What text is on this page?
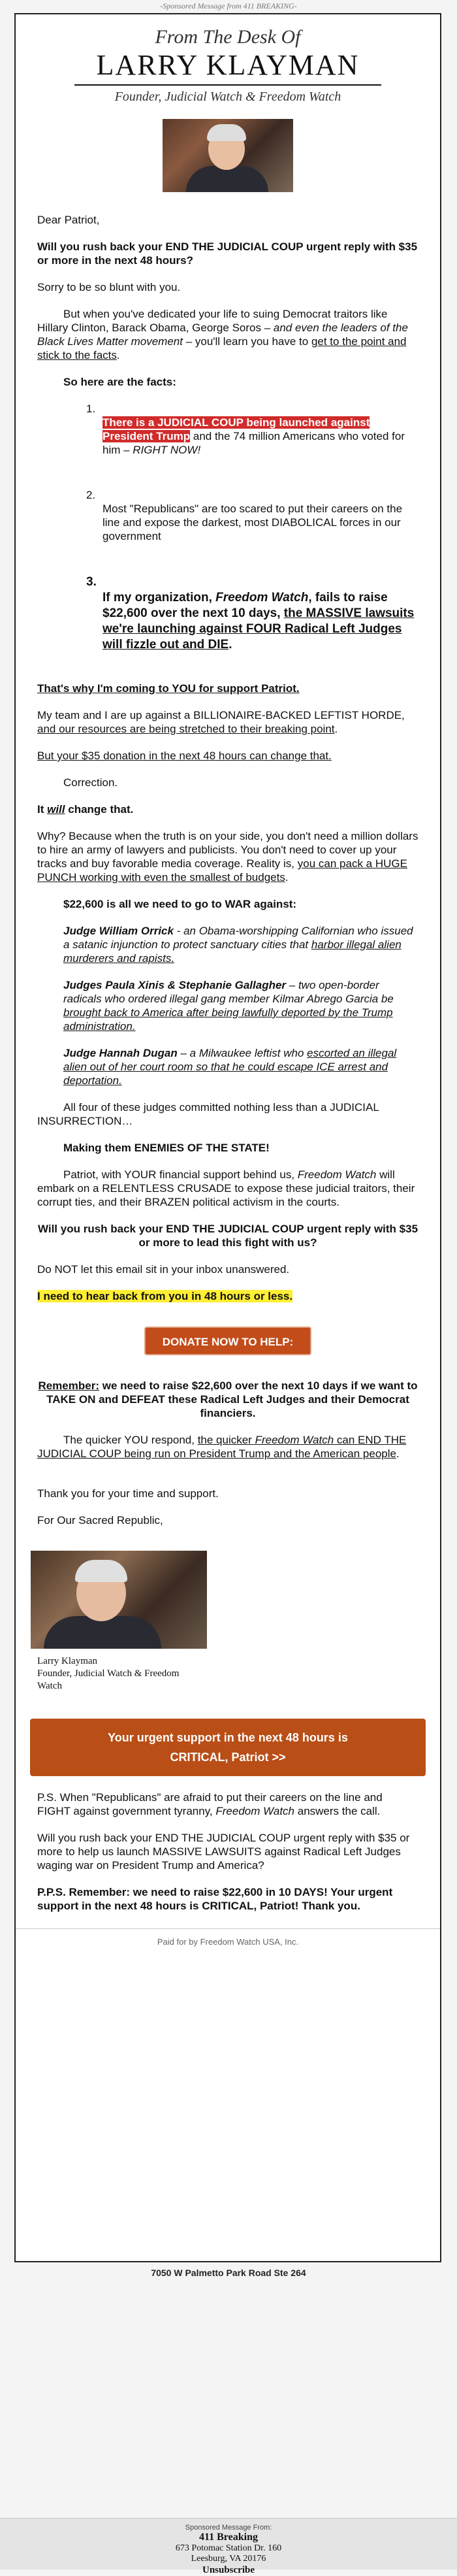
-Sponsored Message from 411 BREAKING-
From The Desk Of
LARRY KLAYMAN
Founder, Judicial Watch & Freedom Watch

Dear Patriot,

Will you rush back your END THE JUDICIAL COUP urgent reply with $35 or more in the next 48 hours?

Sorry to be so blunt with you.

But when you've dedicated your life to suing Democrat traitors like Hillary Clinton, Barack Obama, George Soros – and even the leaders of the Black Lives Matter movement – you'll learn you have to get to the point and stick to the facts.

So here are the facts:

1.

There is a JUDICIAL COUP being launched against President Trump and the 74 million Americans who voted for him – RIGHT NOW!

2.

Most "Republicans" are too scared to put their careers on the line and expose the darkest, most DIABOLICAL forces in our government

3.

If my organization, Freedom Watch, fails to raise $22,600 over the next 10 days, the MASSIVE lawsuits we're launching against FOUR Radical Left Judges will fizzle out and DIE.

That's why I'm coming to YOU for support Patriot.

My team and I are up against a BILLIONAIRE-BACKED LEFTIST HORDE, and our resources are being stretched to their breaking point.

But your $35 donation in the next 48 hours can change that.

Correction.

It will change that.

Why? Because when the truth is on your side, you don't need a million dollars to hire an army of lawyers and publicists. You don't need to cover up your tracks and buy favorable media coverage. Reality is, you can pack a HUGE PUNCH working with even the smallest of budgets.

$22,600 is all we need to go to WAR against:

Judge William Orrick - an Obama-worshipping Californian who issued a satanic injunction to protect sanctuary cities that harbor illegal alien murderers and rapists.

Judges Paula Xinis & Stephanie Gallagher – two open-border radicals who ordered illegal gang member Kilmar Abrego Garcia be brought back to America after being lawfully deported by the Trump administration.

Judge Hannah Dugan – a Milwaukee leftist who escorted an illegal alien out of her court room so that he could escape ICE arrest and deportation.

All four of these judges committed nothing less than a JUDICIAL INSURRECTION…

Making them ENEMIES OF THE STATE!

Patriot, with YOUR financial support behind us, Freedom Watch will embark on a RELENTLESS CRUSADE to expose these judicial traitors, their corrupt ties, and their BRAZEN political activism in the courts.

Will you rush back your END THE JUDICIAL COUP urgent reply with $35 or more to lead this fight with us?

Do NOT let this email sit in your inbox unanswered.

I need to hear back from you in 48 hours or less.

DONATE NOW TO HELP:

Remember: we need to raise $22,600 over the next 10 days if we want to TAKE ON and DEFEAT these Radical Left Judges and their Democrat financiers.

The quicker YOU respond, the quicker Freedom Watch can END THE JUDICIAL COUP being run on President Trump and the American people.

Thank you for your time and support.

For Our Sacred Republic,

Larry Klayman
Founder, Judicial Watch & Freedom Watch
Your urgent support in the next 48 hours is
CRITICAL, Patriot >>

P.S. When "Republicans" are afraid to put their careers on the line and FIGHT against government tyranny, Freedom Watch answers the call.

Will you rush back your END THE JUDICIAL COUP urgent reply with $35 or more to help us launch MASSIVE LAWSUITS against Radical Left Judges waging war on President Trump and America?

P.P.S. Remember: we need to raise $22,600 in 10 DAYS! Your urgent support in the next 48 hours is CRITICAL, Patriot! Thank you.

Paid for by Freedom Watch USA, Inc.
7050 W Palmetto Park Road Ste 264
Sponsored Message From:
411 Breaking
673 Potomac Station Dr. 160
Leesburg, VA 20176
Unsubscribe
